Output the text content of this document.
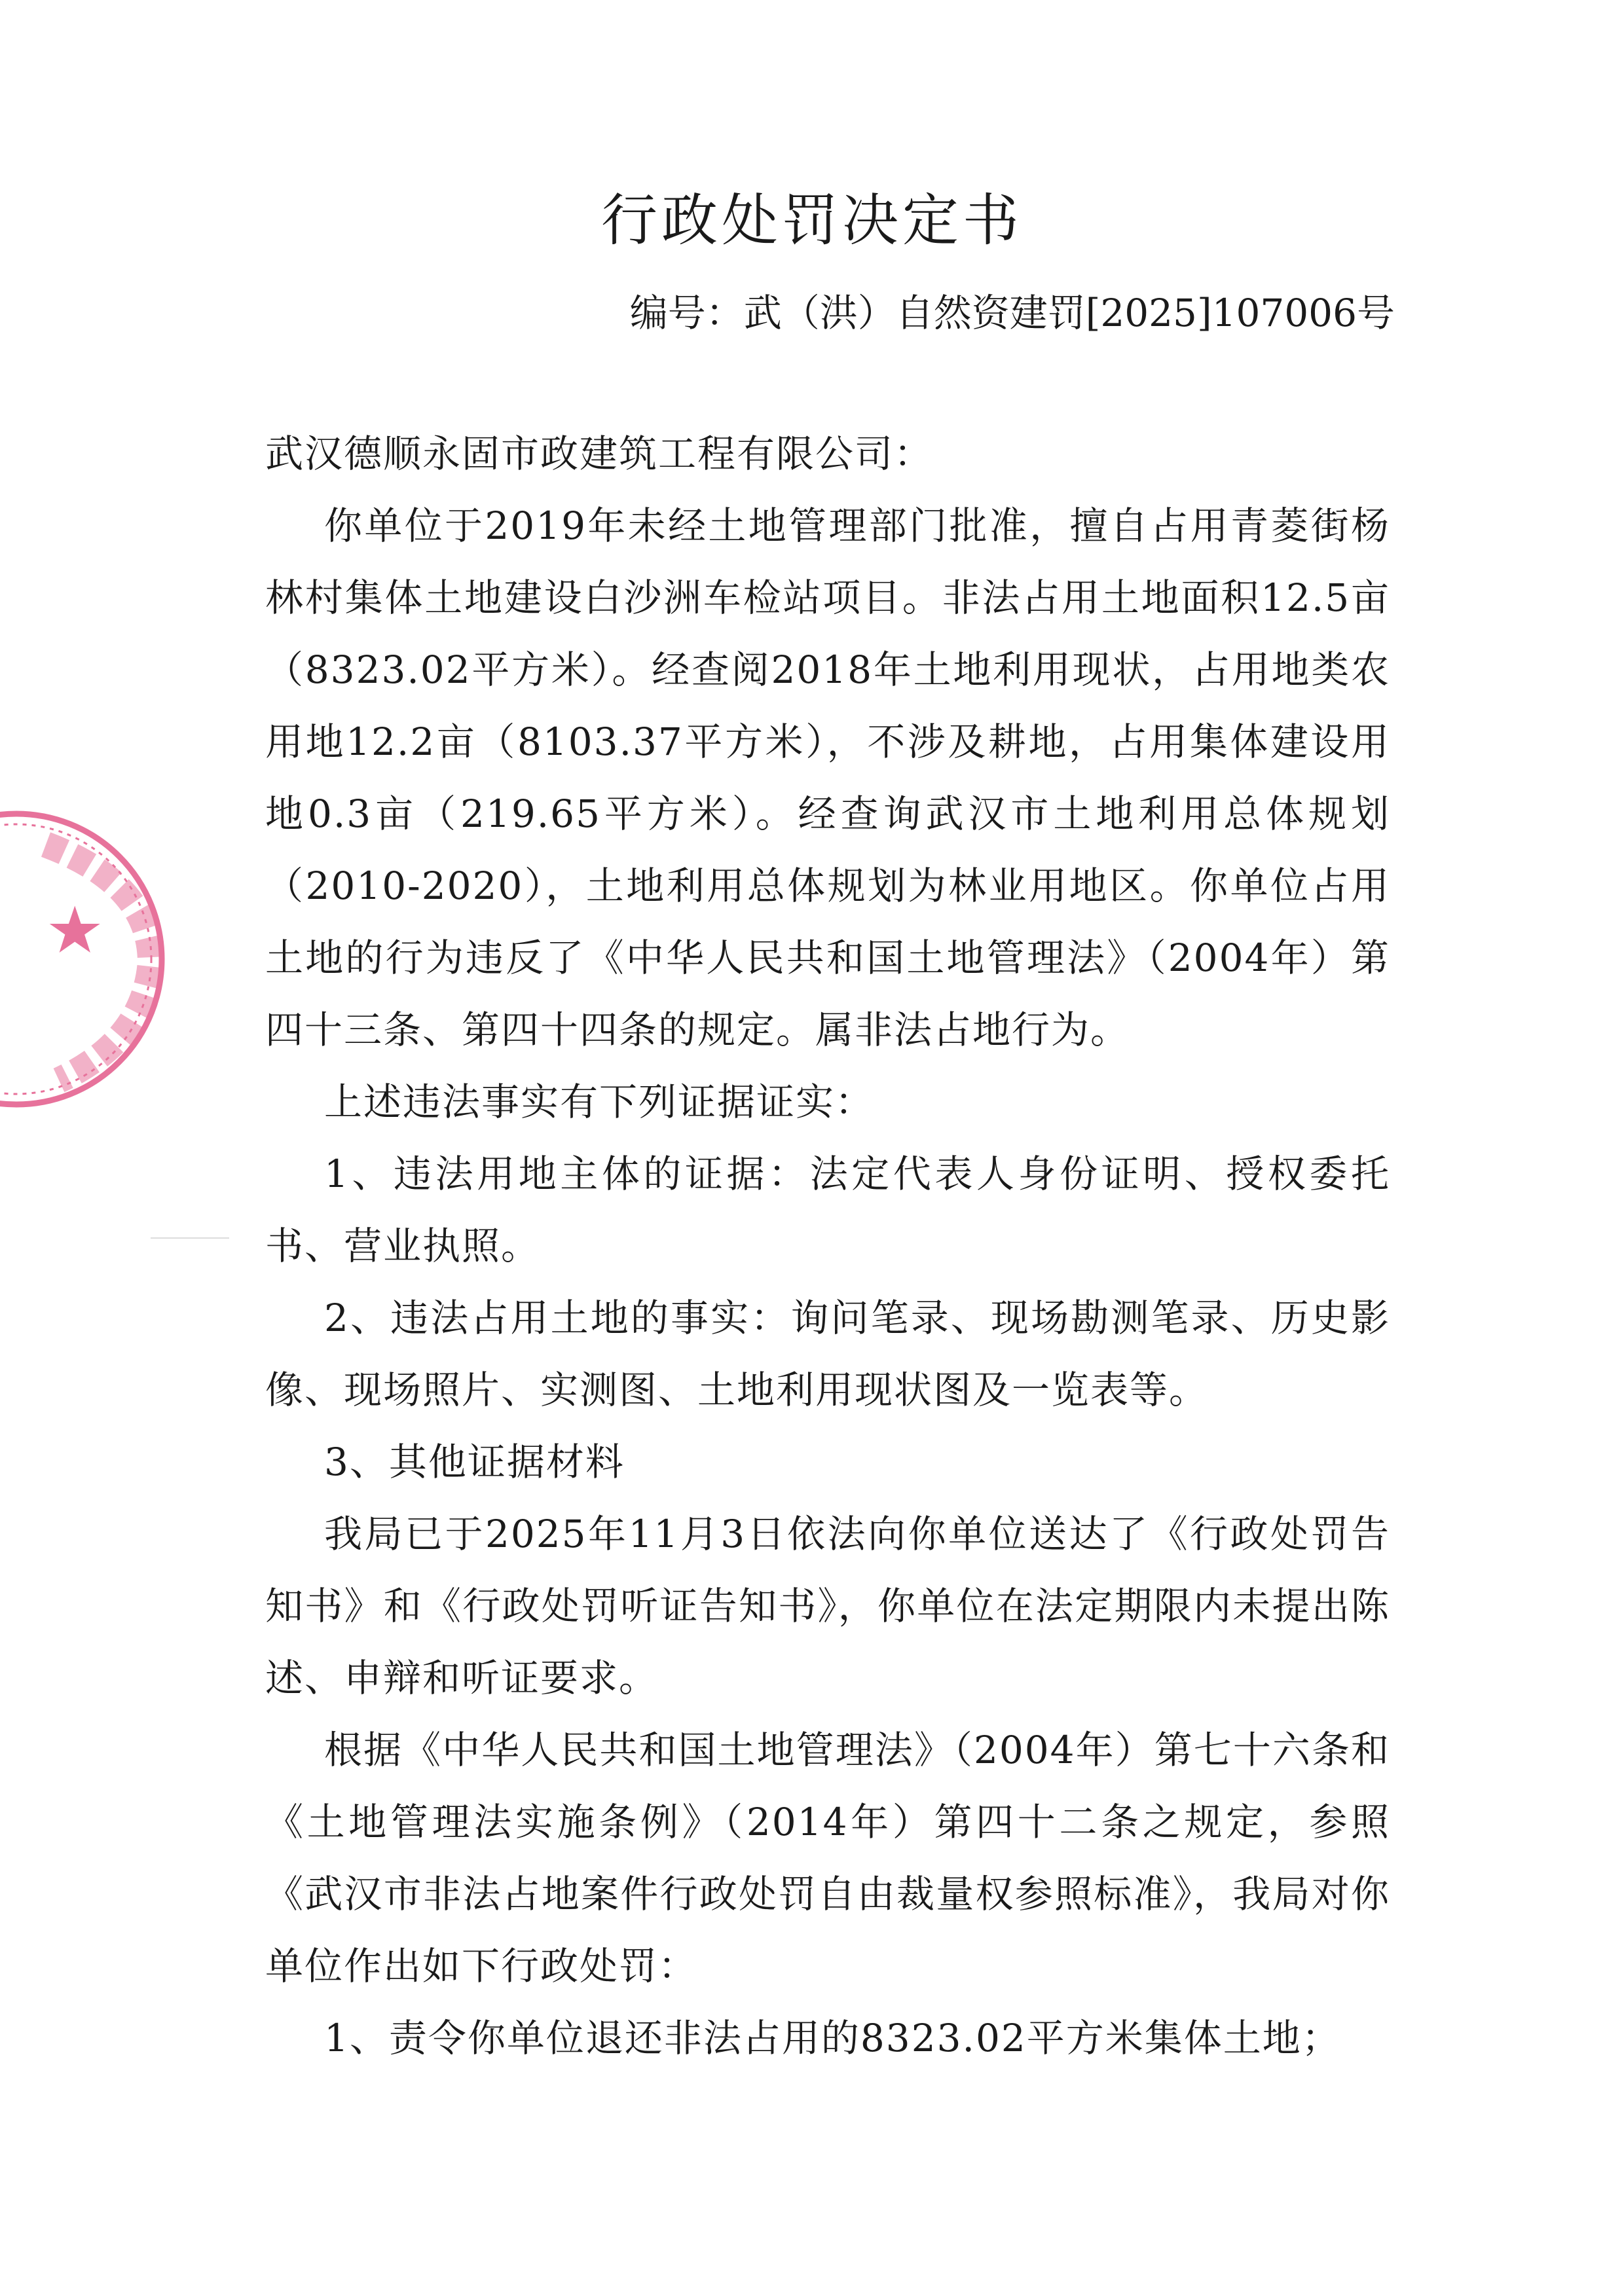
行政处罚决定书
编号：武（洪）自然资建罚[2025]107006号

武汉德顺永固市政建筑工程有限公司：

你单位于2019年未经土地管理部门批准，擅自占用青菱街杨林村集体土地建设白沙洲车检站项目。非法占用土地面积12.5亩（8323.02平方米）。经查阅2018年土地利用现状，占用地类农用地12.2亩（8103.37平方米），不涉及耕地，占用集体建设用地0.3亩（219.65平方米）。经查询武汉市土地利用总体规划（2010-2020），土地利用总体规划为林业用地区。你单位占用土地的行为违反了《中华人民共和国土地管理法》（2004年）第四十三条、第四十四条的规定。属非法占地行为。

上述违法事实有下列证据证实：

1、违法用地主体的证据：法定代表人身份证明、授权委托书、营业执照。

2、违法占用土地的事实：询问笔录、现场勘测笔录、历史影像、现场照片、实测图、土地利用现状图及一览表等。

3、其他证据材料

我局已于2025年11月3日依法向你单位送达了《行政处罚告知书》和《行政处罚听证告知书》，你单位在法定期限内未提出陈述、申辩和听证要求。

根据《中华人民共和国土地管理法》（2004年）第七十六条和《土地管理法实施条例》（2014年）第四十二条之规定，参照《武汉市非法占地案件行政处罚自由裁量权参照标准》，我局对你单位作出如下行政处罚：

1、责令你单位退还非法占用的8323.02平方米集体土地；
